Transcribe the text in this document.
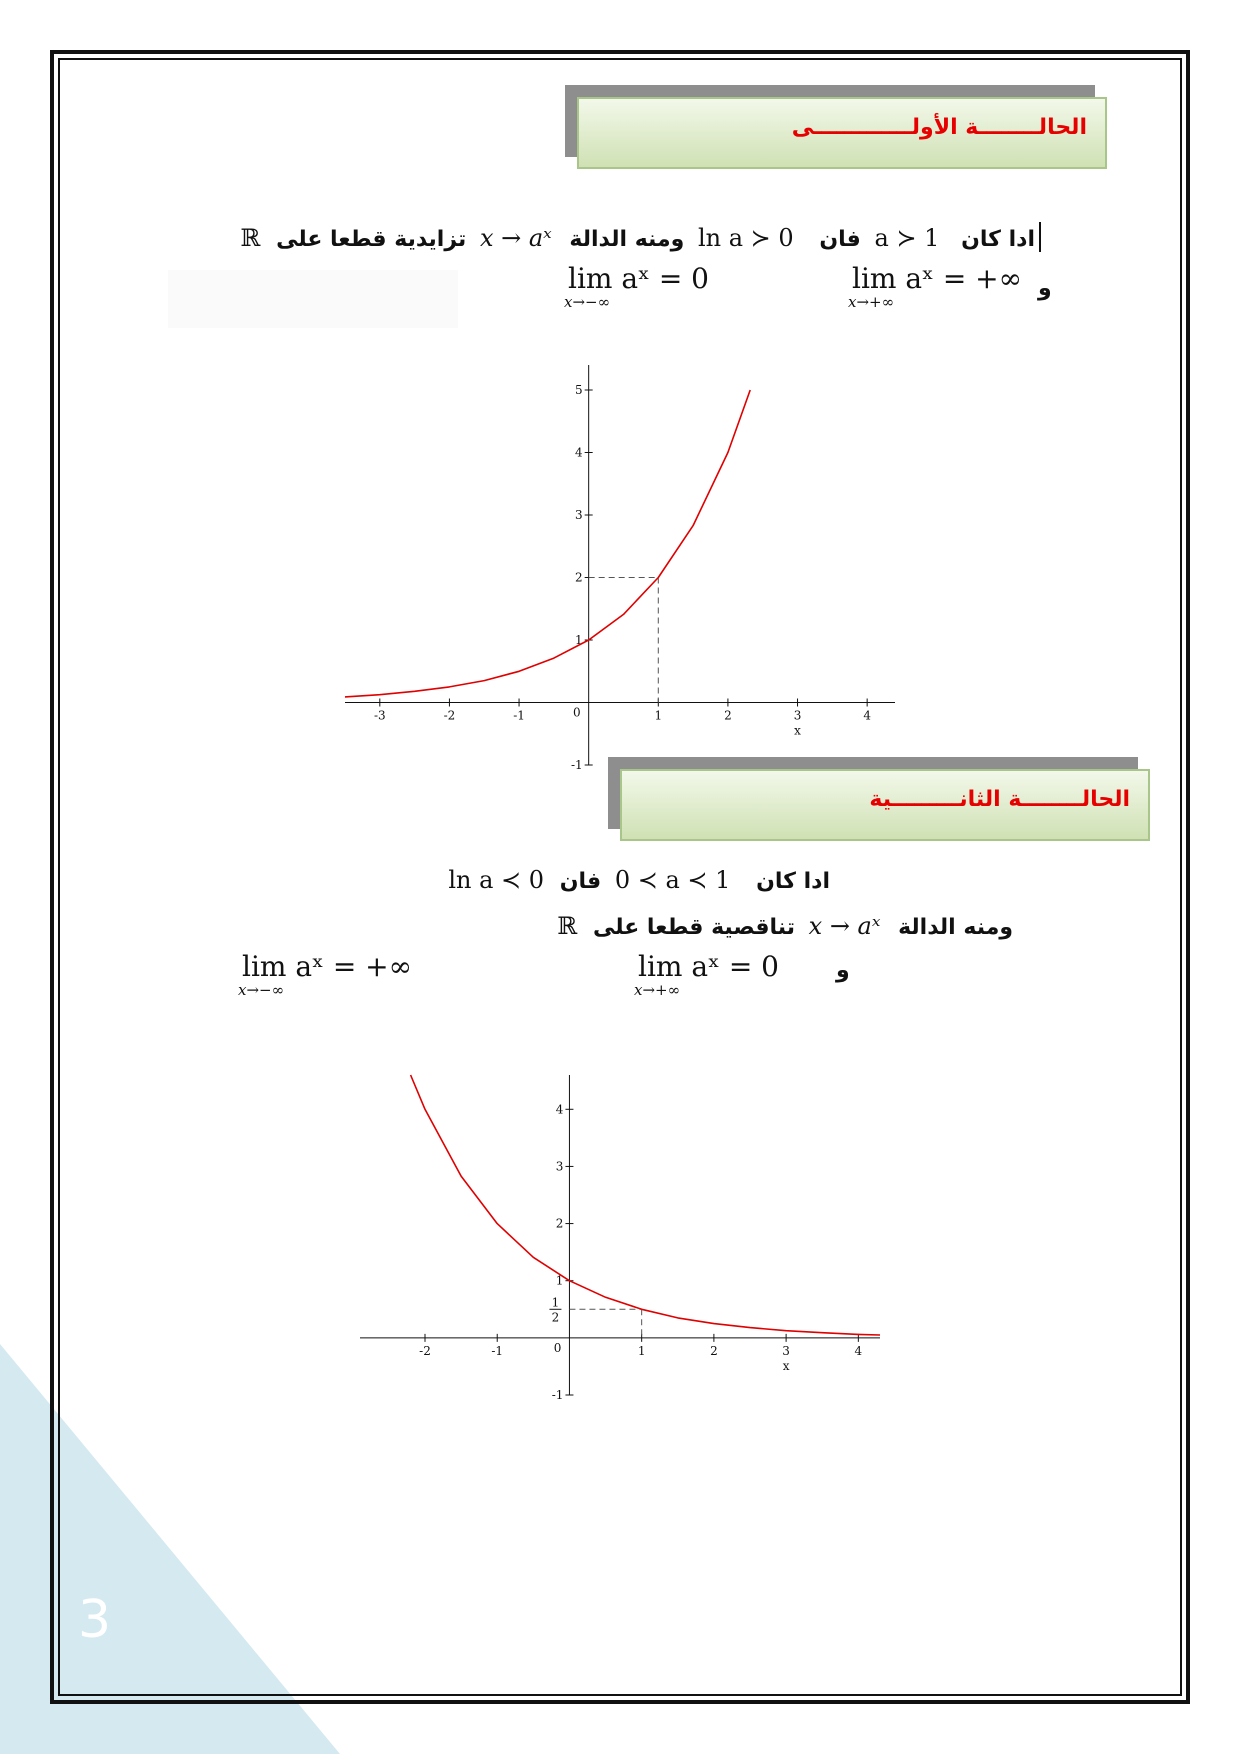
3
الحالــــــــة الأولـــــــــــــى
ادا كان a ≻ 1 فان ln a ≻ 0 ومنه الدالة x → aˣ تزايدية قطعا على ℝ
و
lim aˣ = +∞
x→+∞
lim aˣ = 0
x→−∞
-3	-2	-1	1	2	3	4
-1
1
2
3
4
5
0
x
الحالــــــــة الثانـــــــــية
ادا كان 0 ≺ a ≺ 1 فان ln a ≺ 0
ومنه الدالة x → aˣ تناقصية قطعا على ℝ
و
lim aˣ = 0
x→+∞
lim aˣ = +∞
x→−∞
-2	-1	1	2	3	4
-1
1
2
3
4
1
2
0
x
